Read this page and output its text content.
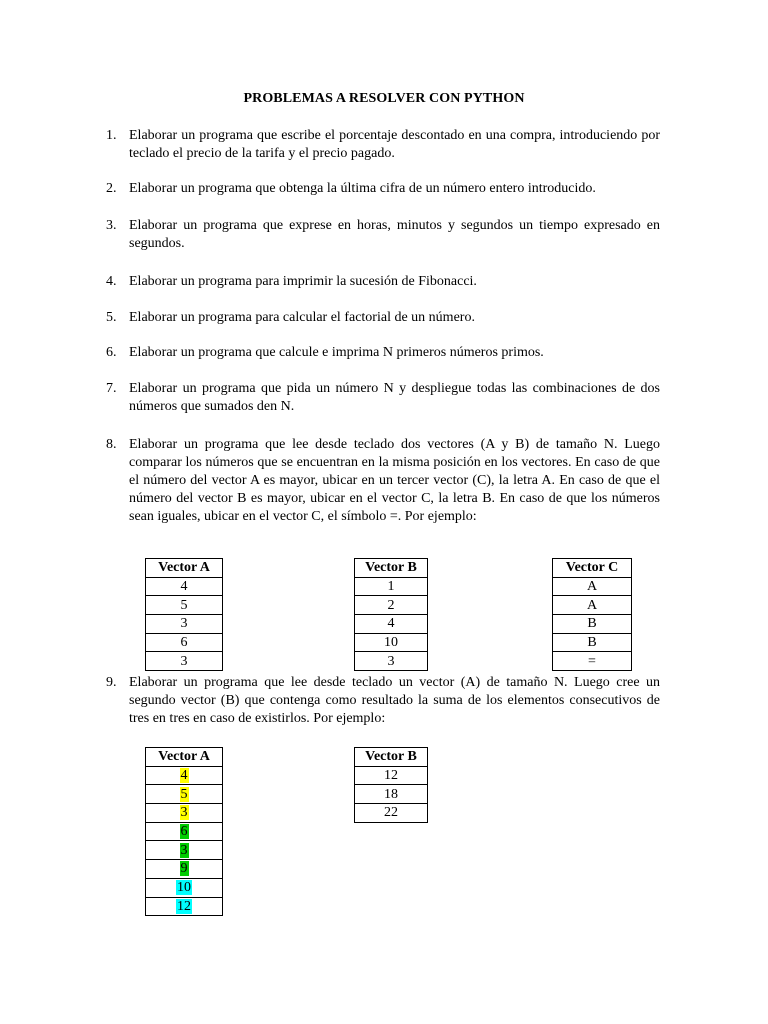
PROBLEMAS A RESOLVER CON PYTHON
1. Elaborar un programa que escribe el porcentaje descontado en una compra, introduciendo por teclado el precio de la tarifa y el precio pagado.
2. Elaborar un programa que obtenga la última cifra de un número entero introducido.
3. Elaborar un programa que exprese en horas, minutos y segundos un tiempo expresado en segundos.
4. Elaborar un programa para imprimir la sucesión de Fibonacci.
5. Elaborar un programa para calcular el factorial de un número.
6. Elaborar un programa que calcule e imprima N primeros números primos.
7. Elaborar un programa que pida un número N y despliegue todas las combinaciones de dos números que sumados den N.
8. Elaborar un programa que lee desde teclado dos vectores (A y B) de tamaño N. Luego comparar los números que se encuentran en la misma posición en los vectores. En caso de que el número del vector A es mayor, ubicar en un tercer vector (C), la letra A. En caso de que el número del vector B es mayor, ubicar en el vector C, la letra B. En caso de que los números sean iguales, ubicar en el vector C, el símbolo =. Por ejemplo:
Vector A
4
5
3
6
3
Vector B
1
2
4
10
3
Vector C
A
A
B
B
=
9. Elaborar un programa que lee desde teclado un vector (A) de tamaño N. Luego cree un segundo vector (B) que contenga como resultado la suma de los elementos consecutivos de tres en tres en caso de existirlos. Por ejemplo:
Vector A
4
5
3
6
3
9
10
12
Vector B
12
18
22
